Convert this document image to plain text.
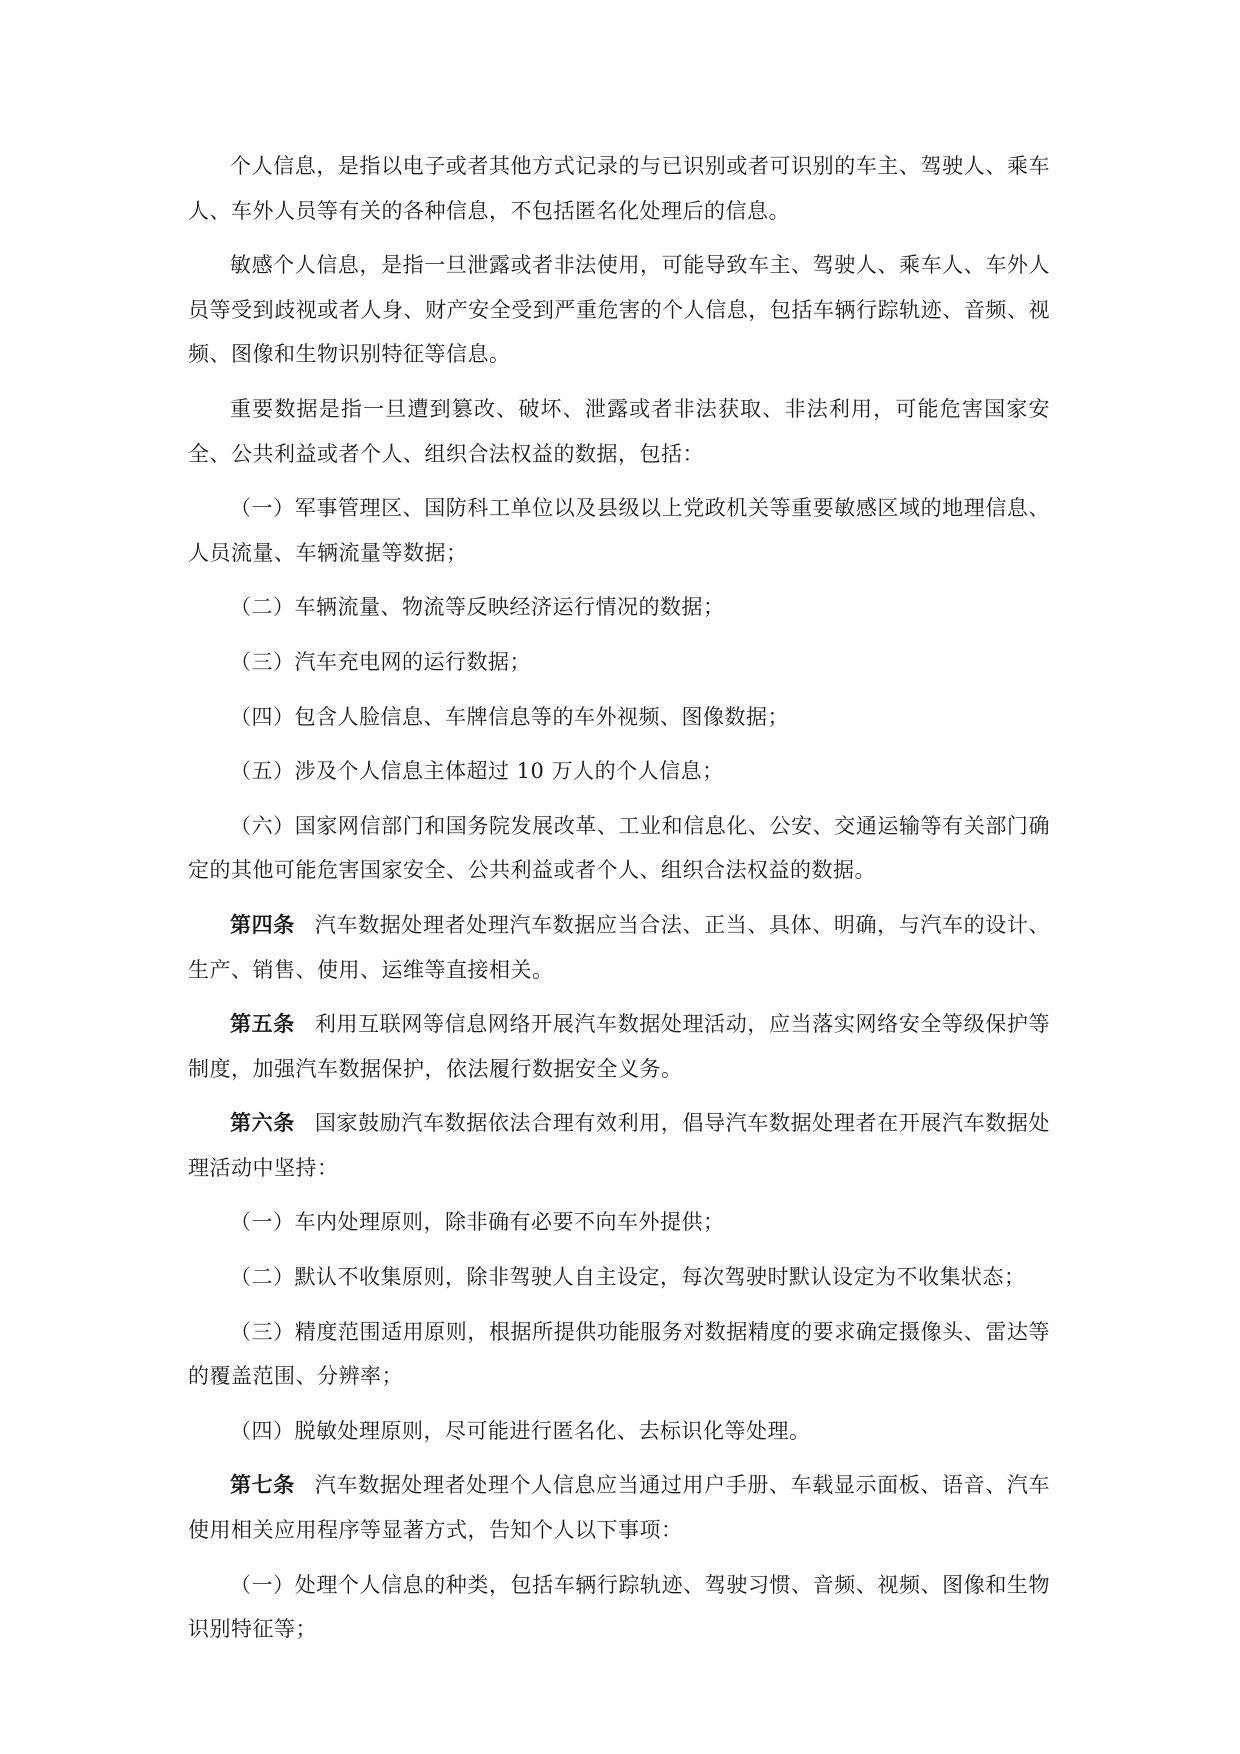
个人信息，是指以电子或者其他方式记录的与已识别或者可识别的车主、驾驶人、乘车人、车外人员等有关的各种信息，不包括匿名化处理后的信息。

敏感个人信息，是指一旦泄露或者非法使用，可能导致车主、驾驶人、乘车人、车外人员等受到歧视或者人身、财产安全受到严重危害的个人信息，包括车辆行踪轨迹、音频、视频、图像和生物识别特征等信息。

重要数据是指一旦遭到篡改、破坏、泄露或者非法获取、非法利用，可能危害国家安全、公共利益或者个人、组织合法权益的数据，包括：

（一）军事管理区、国防科工单位以及县级以上党政机关等重要敏感区域的地理信息、人员流量、车辆流量等数据；

（二）车辆流量、物流等反映经济运行情况的数据；

（三）汽车充电网的运行数据；

（四）包含人脸信息、车牌信息等的车外视频、图像数据；

（五）涉及个人信息主体超过 10 万人的个人信息；

（六）国家网信部门和国务院发展改革、工业和信息化、公安、交通运输等有关部门确定的其他可能危害国家安全、公共利益或者个人、组织合法权益的数据。

第四条 汽车数据处理者处理汽车数据应当合法、正当、具体、明确，与汽车的设计、生产、销售、使用、运维等直接相关。

第五条 利用互联网等信息网络开展汽车数据处理活动，应当落实网络安全等级保护等制度，加强汽车数据保护，依法履行数据安全义务。

第六条 国家鼓励汽车数据依法合理有效利用，倡导汽车数据处理者在开展汽车数据处理活动中坚持：

（一）车内处理原则，除非确有必要不向车外提供；

（二）默认不收集原则，除非驾驶人自主设定，每次驾驶时默认设定为不收集状态；

（三）精度范围适用原则，根据所提供功能服务对数据精度的要求确定摄像头、雷达等的覆盖范围、分辨率；

（四）脱敏处理原则，尽可能进行匿名化、去标识化等处理。

第七条 汽车数据处理者处理个人信息应当通过用户手册、车载显示面板、语音、汽车使用相关应用程序等显著方式，告知个人以下事项：

（一）处理个人信息的种类，包括车辆行踪轨迹、驾驶习惯、音频、视频、图像和生物识别特征等；
